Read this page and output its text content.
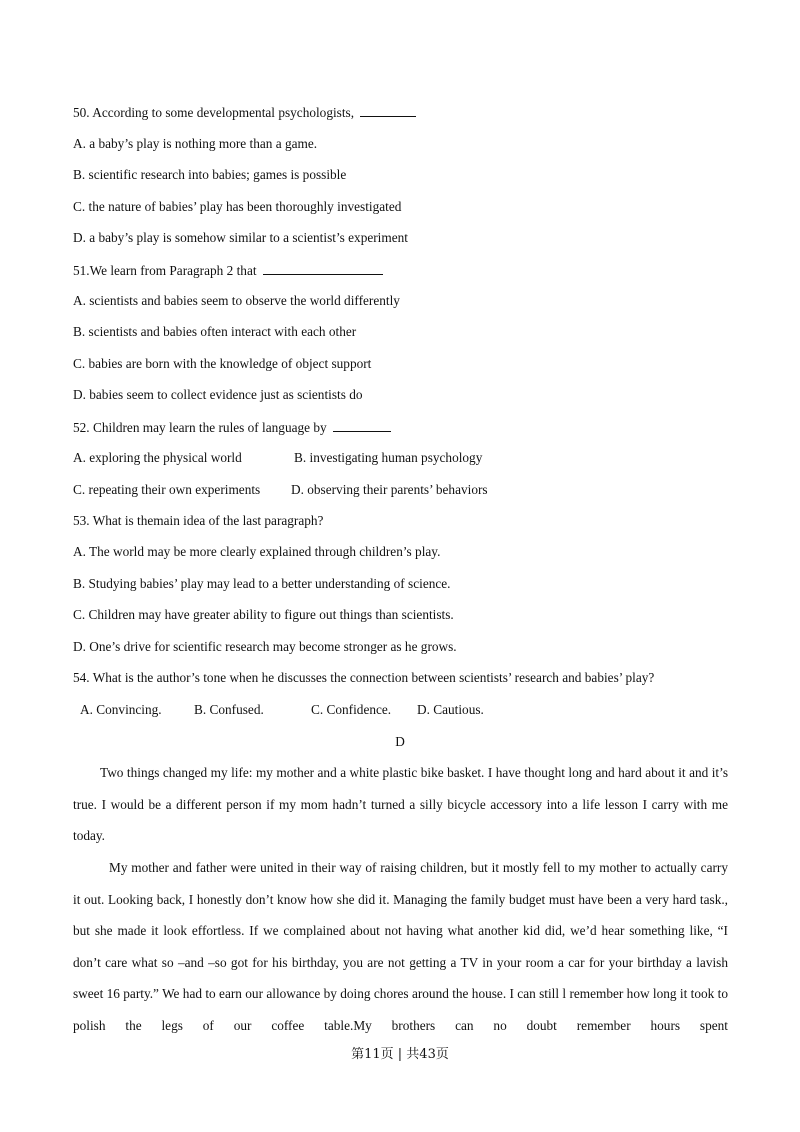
50. According to some developmental psychologists,
A. a baby’s play is nothing more than a game.
B. scientific research into babies; games is possible
C. the nature of babies’ play has been thoroughly investigated
D. a baby’s play is somehow similar to a scientist’s experiment
51.We learn from Paragraph 2 that
A. scientists and babies seem to observe the world differently
B. scientists and babies often interact with each other
C. babies are born with the knowledge of object support
D. babies seem to collect evidence just as scientists do
52. Children may learn the rules of language by
A. exploring the physical world	B. investigating human psychology
C. repeating their own experiments D. observing their parents’ behaviors
53. What is themain idea of the last paragraph?
A. The world may be more clearly explained through children’s play.
B. Studying babies’ play may lead to a better understanding of science.
C. Children may have greater ability to figure out things than scientists.
D. One’s drive for scientific research may become stronger as he grows.
54. What is the author’s tone when he discusses the connection between scientists’ research and babies’ play?
A. Convincing. B. Confused.	C. Confidence. D. Cautious.
D
Two things changed my life: my mother and a white plastic bike basket. I have thought long and hard about it and it’s true. I would be a different person if my mom hadn’t turned a silly bicycle accessory into a life lesson I carry with me today.
My mother and father were united in their way of raising children, but it mostly fell to my mother to actually carry it out. Looking back, I honestly don’t know how she did it. Managing the family budget must have been a very hard task., but she made it look effortless. If we complained about not having what another kid did, we’d hear something like, “I don’t care what so –and –so got for his birthday, you are not getting a TV in your room a car for your birthday a lavish sweet 16 party.” We had to earn our allowance by doing chores around the house. I can still l remember how long it took to polish the legs of our coffee table.My brothers can no doubt remember hours spent
第11页 | 共43页
